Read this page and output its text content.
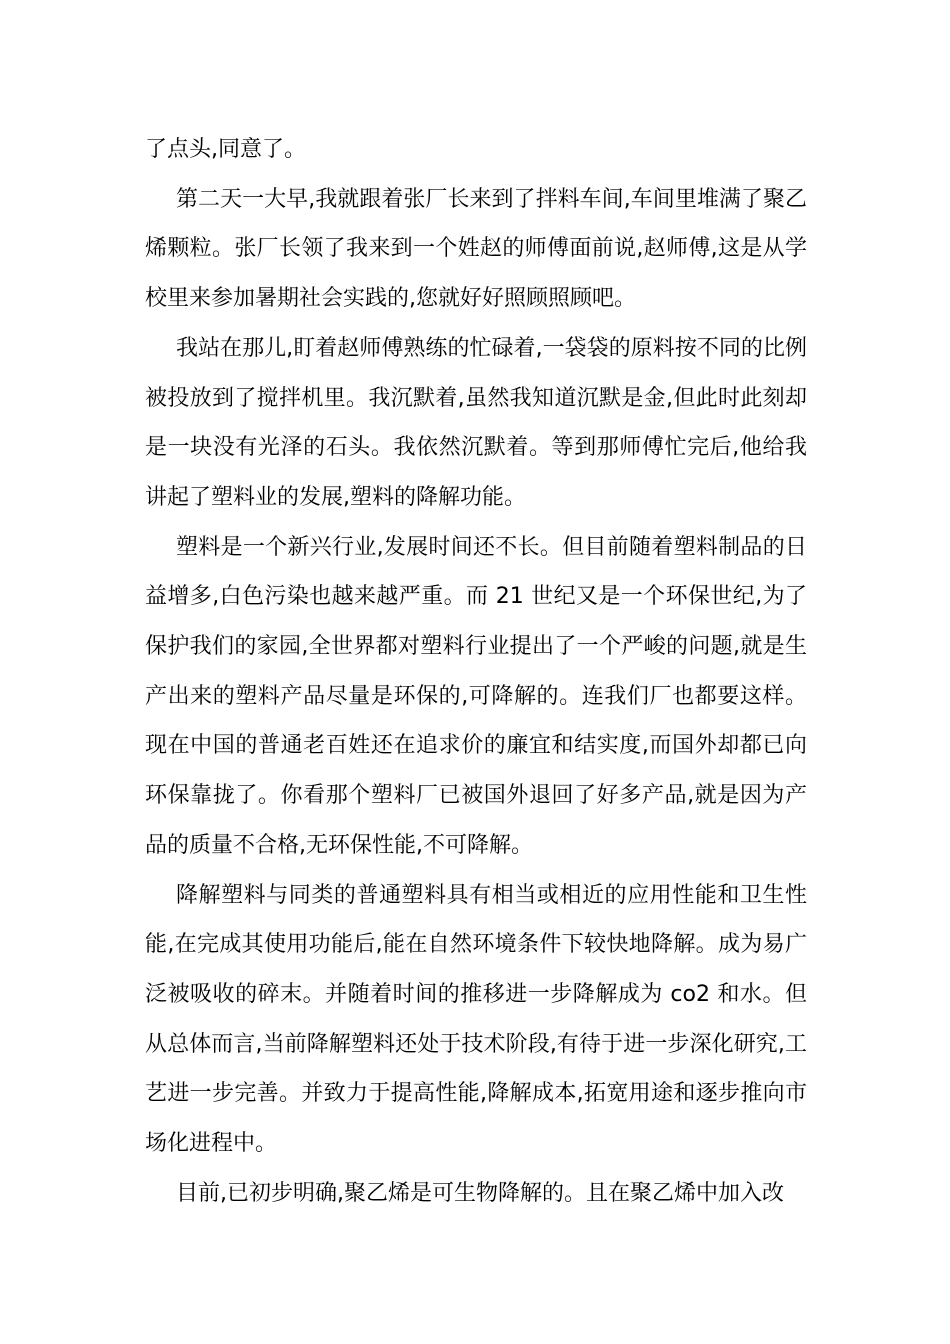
了点头,同意了。

第二天一大早,我就跟着张厂长来到了拌料车间,车间里堆满了聚乙烯颗粒。张厂长领了我来到一个姓赵的师傅面前说,赵师傅,这是从学校里来参加暑期社会实践的,您就好好照顾照顾吧。

我站在那儿,盯着赵师傅熟练的忙碌着,一袋袋的原料按不同的比例被投放到了搅拌机里。我沉默着,虽然我知道沉默是金,但此时此刻却是一块没有光泽的石头。我依然沉默着。等到那师傅忙完后,他给我讲起了塑料业的发展,塑料的降解功能。

塑料是一个新兴行业,发展时间还不长。但目前随着塑料制品的日益增多,白色污染也越来越严重。而 21 世纪又是一个环保世纪,为了保护我们的家园,全世界都对塑料行业提出了一个严峻的问题,就是生产出来的塑料产品尽量是环保的,可降解的。连我们厂也都要这样。现在中国的普通老百姓还在追求价的廉宜和结实度,而国外却都已向环保靠拢了。你看那个塑料厂已被国外退回了好多产品,就是因为产品的质量不合格,无环保性能,不可降解。

降解塑料与同类的普通塑料具有相当或相近的应用性能和卫生性能,在完成其使用功能后,能在自然环境条件下较快地降解。成为易广泛被吸收的碎末。并随着时间的推移进一步降解成为 co2 和水。但从总体而言,当前降解塑料还处于技术阶段,有待于进一步深化研究,工艺进一步完善。并致力于提高性能,降解成本,拓宽用途和逐步推向市场化进程中。

目前,已初步明确,聚乙烯是可生物降解的。且在聚乙烯中加入改
